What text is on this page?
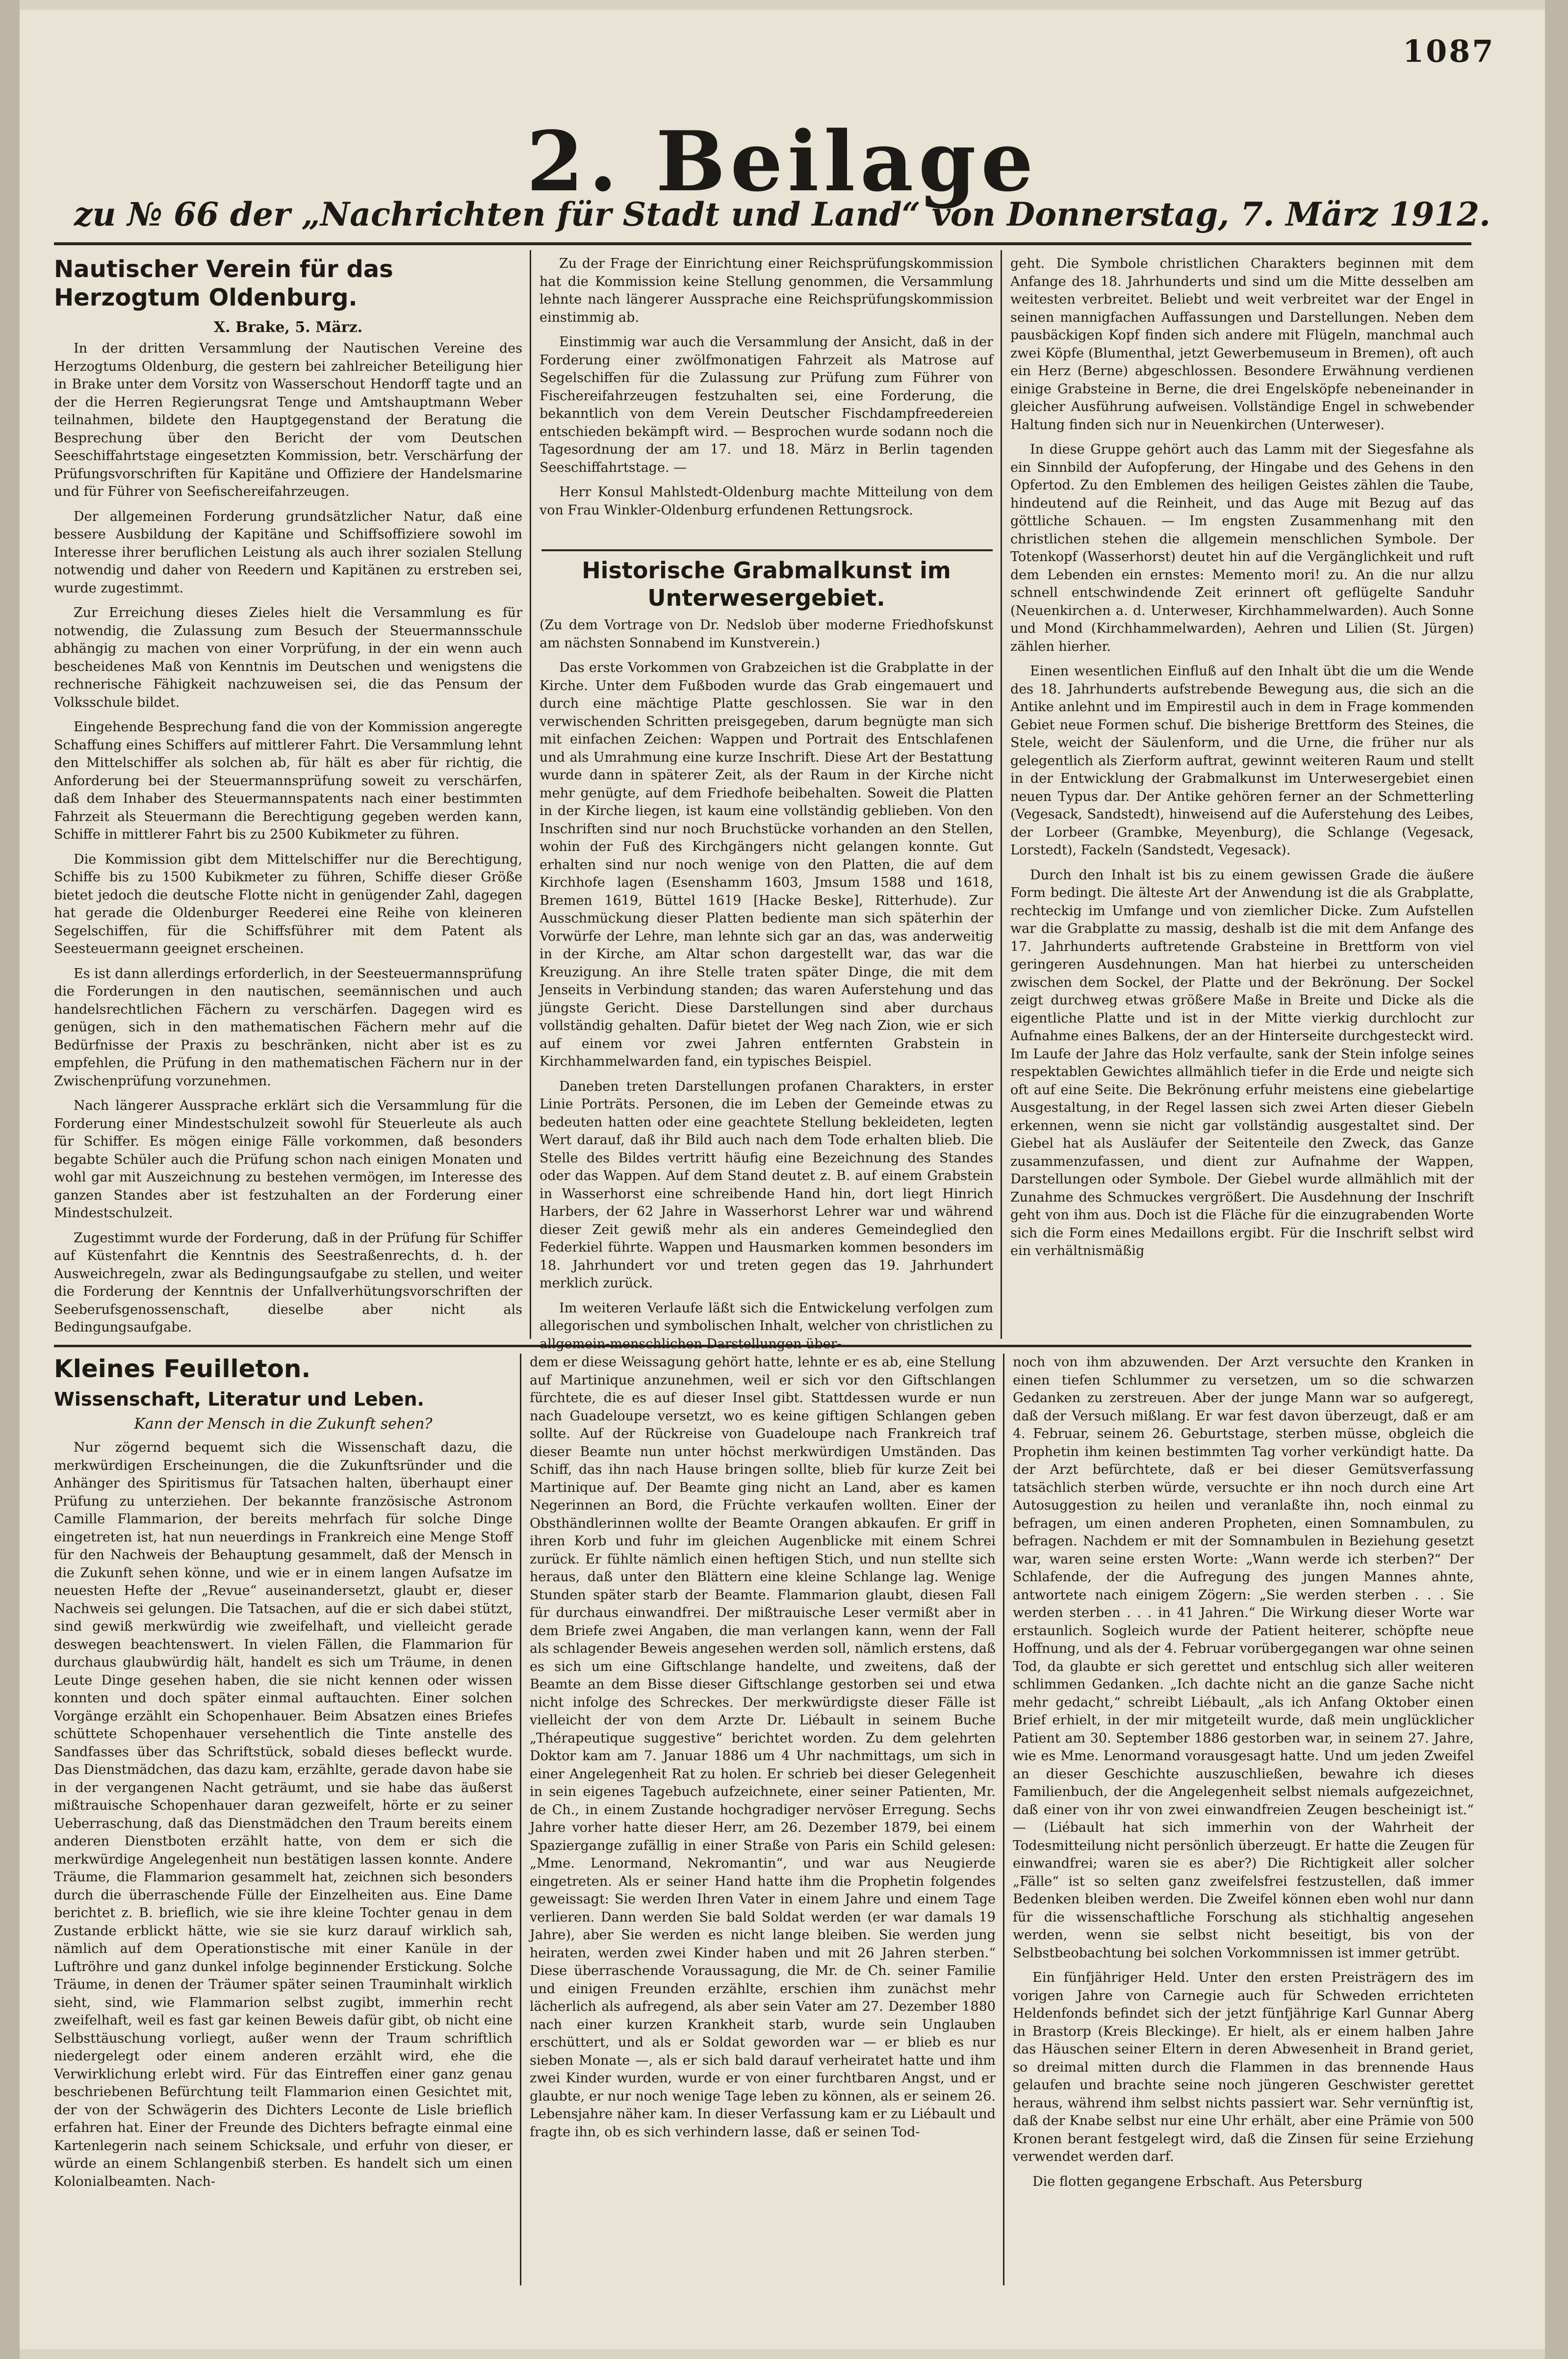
1087
2. Beilage
zu № 66 der „Nachrichten für Stadt und Land“ von Donnerstag, 7. März 1912.
Nautischer Verein für das Herzogtum Oldenburg.
X. Brake, 5. März.

In der dritten Versammlung der Nautischen Vereine des Herzogtums Oldenburg, die gestern bei zahlreicher Beteiligung hier in Brake unter dem Vorsitz von Wasserschout Hendorff tagte und an der die Herren Regierungsrat Tenge und Amtshauptmann Weber teilnahmen, bildete den Hauptgegenstand der Beratung die Besprechung über den Bericht der vom Deutschen Seeschiffahrtstage eingesetzten Kommission, betr. Verschärfung der Prüfungsvorschriften für Kapitäne und Offiziere der Handelsmarine und für Führer von Seefischereifahrzeugen.

Der allgemeinen Forderung grundsätzlicher Natur, daß eine bessere Ausbildung der Kapitäne und Schiffsoffiziere sowohl im Interesse ihrer beruflichen Leistung als auch ihrer sozialen Stellung notwendig und daher von Reedern und Kapitänen zu erstreben sei, wurde zugestimmt.

Zur Erreichung dieses Zieles hielt die Versammlung es für notwendig, die Zulassung zum Besuch der Steuermannsschule abhängig zu machen von einer Vorprüfung, in der ein wenn auch bescheidenes Maß von Kenntnis im Deutschen und wenigstens die rechnerische Fähigkeit nachzuweisen sei, die das Pensum der Volksschule bildet.

Eingehende Besprechung fand die von der Kommission angeregte Schaffung eines Schiffers auf mittlerer Fahrt. Die Versammlung lehnt den Mittelschiffer als solchen ab, für hält es aber für richtig, die Anforderung bei der Steuermannsprüfung soweit zu verschärfen, daß dem Inhaber des Steuermannspatents nach einer bestimmten Fahrzeit als Steuermann die Berechtigung gegeben werden kann, Schiffe in mittlerer Fahrt bis zu 2500 Kubikmeter zu führen.

Die Kommission gibt dem Mittelschiffer nur die Berechtigung, Schiffe bis zu 1500 Kubikmeter zu führen, Schiffe dieser Größe bietet jedoch die deutsche Flotte nicht in genügender Zahl, dagegen hat gerade die Oldenburger Reederei eine Reihe von kleineren Segelschiffen, für die Schiffsführer mit dem Patent als Seesteuermann geeignet erscheinen.

Es ist dann allerdings erforderlich, in der Seesteuermannsprüfung die Forderungen in den nautischen, seemännischen und auch handelsrechtlichen Fächern zu verschärfen. Dagegen wird es genügen, sich in den mathematischen Fächern mehr auf die Bedürfnisse der Praxis zu beschränken, nicht aber ist es zu empfehlen, die Prüfung in den mathematischen Fächern nur in der Zwischenprüfung vorzunehmen.

Nach längerer Aussprache erklärt sich die Versammlung für die Forderung einer Mindestschulzeit sowohl für Steuerleute als auch für Schiffer. Es mögen einige Fälle vorkommen, daß besonders begabte Schüler auch die Prüfung schon nach einigen Monaten und wohl gar mit Auszeichnung zu bestehen vermögen, im Interesse des ganzen Standes aber ist festzuhalten an der Forderung einer Mindestschulzeit.

Zugestimmt wurde der Forderung, daß in der Prüfung für Schiffer auf Küstenfahrt die Kenntnis des Seestraßenrechts, d. h. der Ausweichregeln, zwar als Bedingungsaufgabe zu stellen, und weiter die Forderung der Kenntnis der Unfallverhütungsvorschriften der Seeberufsgenossenschaft, dieselbe aber nicht als Bedingungsaufgabe.

Zu der Frage der Einrichtung einer Reichsprüfungskommission hat die Kommission keine Stellung genommen, die Versammlung lehnte nach längerer Aussprache eine Reichsprüfungskommission einstimmig ab.

Einstimmig war auch die Versammlung der Ansicht, daß in der Forderung einer zwölfmonatigen Fahrzeit als Matrose auf Segelschiffen für die Zulassung zur Prüfung zum Führer von Fischereifahrzeugen festzuhalten sei, eine Forderung, die bekanntlich von dem Verein Deutscher Fischdampfreedereien entschieden bekämpft wird. — Besprochen wurde sodann noch die Tagesordnung der am 17. und 18. März in Berlin tagenden Seeschiffahrtstage. —

Herr Konsul Mahlstedt-Oldenburg machte Mitteilung von dem von Frau Winkler-Oldenburg erfundenen Rettungsrock.

Historische Grabmalkunst im Unterwesergebiet.

(Zu dem Vortrage von Dr. Nedslob über moderne Friedhofskunst am nächsten Sonnabend im Kunstverein.)

Das erste Vorkommen von Grabzeichen ist die Grabplatte in der Kirche. Unter dem Fußboden wurde das Grab eingemauert und durch eine mächtige Platte geschlossen. Sie war in den verwischenden Schritten preisgegeben, darum begnügte man sich mit einfachen Zeichen: Wappen und Portrait des Entschlafenen und als Umrahmung eine kurze Inschrift. Diese Art der Bestattung wurde dann in späterer Zeit, als der Raum in der Kirche nicht mehr genügte, auf dem Friedhofe beibehalten. Soweit die Platten in der Kirche liegen, ist kaum eine vollständig geblieben. Von den Inschriften sind nur noch Bruchstücke vorhanden an den Stellen, wohin der Fuß des Kirchgängers nicht gelangen konnte. Gut erhalten sind nur noch wenige von den Platten, die auf dem Kirchhofe lagen (Esenshamm 1603, Jmsum 1588 und 1618, Bremen 1619, Büttel 1619 [Hacke Beske], Ritterhude). Zur Ausschmückung dieser Platten bediente man sich späterhin der Vorwürfe der Lehre, man lehnte sich gar an das, was anderweitig in der Kirche, am Altar schon dargestellt war, das war die Kreuzigung. An ihre Stelle traten später Dinge, die mit dem Jenseits in Verbindung standen; das waren Auferstehung und das jüngste Gericht. Diese Darstellungen sind aber durchaus vollständig gehalten. Dafür bietet der Weg nach Zion, wie er sich auf einem vor zwei Jahren entfernten Grabstein in Kirchhammelwarden fand, ein typisches Beispiel.

Daneben treten Darstellungen profanen Charakters, in erster Linie Porträts. Personen, die im Leben der Gemeinde etwas zu bedeuten hatten oder eine geachtete Stellung bekleideten, legten Wert darauf, daß ihr Bild auch nach dem Tode erhalten blieb. Die Stelle des Bildes vertritt häufig eine Bezeichnung des Standes oder das Wappen. Auf dem Stand deutet z. B. auf einem Grabstein in Wasserhorst eine schreibende Hand hin, dort liegt Hinrich Harbers, der 62 Jahre in Wasserhorst Lehrer war und während dieser Zeit gewiß mehr als ein anderes Gemeindeglied den Federkiel führte. Wappen und Hausmarken kommen besonders im 18. Jahrhundert vor und treten gegen das 19. Jahrhundert merklich zurück.

Im weiteren Verlaufe läßt sich die Entwickelung verfolgen zum allegorischen und symbolischen Inhalt, welcher von christlichen zu allgemein-menschlichen Darstellungen über-

geht. Die Symbole christlichen Charakters beginnen mit dem Anfange des 18. Jahrhunderts und sind um die Mitte desselben am weitesten verbreitet. Beliebt und weit verbreitet war der Engel in seinen mannigfachen Auffassungen und Darstellungen. Neben dem pausbäckigen Kopf finden sich andere mit Flügeln, manchmal auch zwei Köpfe (Blumenthal, jetzt Gewerbemuseum in Bremen), oft auch ein Herz (Berne) abgeschlossen. Besondere Erwähnung verdienen einige Grabsteine in Berne, die drei Engelsköpfe nebeneinander in gleicher Ausführung aufweisen. Vollständige Engel in schwebender Haltung finden sich nur in Neuenkirchen (Unterweser).

In diese Gruppe gehört auch das Lamm mit der Siegesfahne als ein Sinnbild der Aufopferung, der Hingabe und des Gehens in den Opfertod. Zu den Emblemen des heiligen Geistes zählen die Taube, hindeutend auf die Reinheit, und das Auge mit Bezug auf das göttliche Schauen. — Im engsten Zusammenhang mit den christlichen stehen die allgemein menschlichen Symbole. Der Totenkopf (Wasserhorst) deutet hin auf die Vergänglichkeit und ruft dem Lebenden ein ernstes: Memento mori! zu. An die nur allzu schnell entschwindende Zeit erinnert oft geflügelte Sanduhr (Neuenkirchen a. d. Unterweser, Kirchhammelwarden). Auch Sonne und Mond (Kirchhammelwarden), Aehren und Lilien (St. Jürgen) zählen hierher.

Einen wesentlichen Einfluß auf den Inhalt übt die um die Wende des 18. Jahrhunderts aufstrebende Bewegung aus, die sich an die Antike anlehnt und im Empirestil auch in dem in Frage kommenden Gebiet neue Formen schuf. Die bisherige Brettform des Steines, die Stele, weicht der Säulenform, und die Urne, die früher nur als gelegentlich als Zierform auftrat, gewinnt weiteren Raum und stellt in der Entwicklung der Grabmalkunst im Unterwesergebiet einen neuen Typus dar. Der Antike gehören ferner an der Schmetterling (Vegesack, Sandstedt), hinweisend auf die Auferstehung des Leibes, der Lorbeer (Grambke, Meyenburg), die Schlange (Vegesack, Lorstedt), Fackeln (Sandstedt, Vegesack).

Durch den Inhalt ist bis zu einem gewissen Grade die äußere Form bedingt. Die älteste Art der Anwendung ist die als Grabplatte, rechteckig im Umfange und von ziemlicher Dicke. Zum Aufstellen war die Grabplatte zu massig, deshalb ist die mit dem Anfange des 17. Jahrhunderts auftretende Grabsteine in Brettform von viel geringeren Ausdehnungen. Man hat hierbei zu unterscheiden zwischen dem Sockel, der Platte und der Bekrönung. Der Sockel zeigt durchweg etwas größere Maße in Breite und Dicke als die eigentliche Platte und ist in der Mitte vierkig durchlocht zur Aufnahme eines Balkens, der an der Hinterseite durchgesteckt wird. Im Laufe der Jahre das Holz verfaulte, sank der Stein infolge seines respektablen Gewichtes allmählich tiefer in die Erde und neigte sich oft auf eine Seite. Die Bekrönung erfuhr meistens eine giebelartige Ausgestaltung, in der Regel lassen sich zwei Arten dieser Giebeln erkennen, wenn sie nicht gar vollständig ausgestaltet sind. Der Giebel hat als Ausläufer der Seitenteile den Zweck, das Ganze zusammenzufassen, und dient zur Aufnahme der Wappen, Darstellungen oder Symbole. Der Giebel wurde allmählich mit der Zunahme des Schmuckes vergrößert. Die Ausdehnung der Inschrift geht von ihm aus. Doch ist die Fläche für die einzugrabenden Worte sich die Form eines Medaillons ergibt. Für die Inschrift selbst wird ein verhältnismäßig

Kleines Feuilleton.
Wissenschaft, Literatur und Leben.
Kann der Mensch in die Zukunft sehen?

Nur zögernd bequemt sich die Wissenschaft dazu, die merkwürdigen Erscheinungen, die die Zukunftsründer und die Anhänger des Spiritismus für Tatsachen halten, überhaupt einer Prüfung zu unterziehen. Der bekannte französische Astronom Camille Flammarion, der bereits mehrfach für solche Dinge eingetreten ist, hat nun neuerdings in Frankreich eine Menge Stoff für den Nachweis der Behauptung gesammelt, daß der Mensch in die Zukunft sehen könne, und wie er in einem langen Aufsatze im neuesten Hefte der „Revue“ auseinandersetzt, glaubt er, dieser Nachweis sei gelungen. Die Tatsachen, auf die er sich dabei stützt, sind gewiß merkwürdig wie zweifelhaft, und vielleicht gerade deswegen beachtenswert. In vielen Fällen, die Flammarion für durchaus glaubwürdig hält, handelt es sich um Träume, in denen Leute Dinge gesehen haben, die sie nicht kennen oder wissen konnten und doch später einmal auftauchten. Einer solchen Vorgänge erzählt ein Schopenhauer. Beim Absatzen eines Briefes schüttete Schopenhauer versehentlich die Tinte anstelle des Sandfasses über das Schriftstück, sobald dieses befleckt wurde. Das Dienstmädchen, das dazu kam, erzählte, gerade davon habe sie in der vergangenen Nacht geträumt, und sie habe das äußerst mißtrauische Schopenhauer daran gezweifelt, hörte er zu seiner Ueberraschung, daß das Dienstmädchen den Traum bereits einem anderen Dienstboten erzählt hatte, von dem er sich die merkwürdige Angelegenheit nun bestätigen lassen konnte. Andere Träume, die Flammarion gesammelt hat, zeichnen sich besonders durch die überraschende Fülle der Einzelheiten aus. Eine Dame berichtet z. B. brieflich, wie sie ihre kleine Tochter genau in dem Zustande erblickt hätte, wie sie sie kurz darauf wirklich sah, nämlich auf dem Operationstische mit einer Kanüle in der Luftröhre und ganz dunkel infolge beginnender Erstickung. Solche Träume, in denen der Träumer später seinen Trauminhalt wirklich sieht, sind, wie Flammarion selbst zugibt, immerhin recht zweifelhaft, weil es fast gar keinen Beweis dafür gibt, ob nicht eine Selbsttäuschung vorliegt, außer wenn der Traum schriftlich niedergelegt oder einem anderen erzählt wird, ehe die Verwirklichung erlebt wird. Für das Eintreffen einer ganz genau beschriebenen Befürchtung teilt Flammarion einen Gesichtet mit, der von der Schwägerin des Dichters Leconte de Lisle brieflich erfahren hat. Einer der Freunde des Dichters befragte einmal eine Kartenlegerin nach seinem Schicksale, und erfuhr von dieser, er würde an einem Schlangenbiß sterben. Es handelt sich um einen Kolonialbeamten. Nach-

dem er diese Weissagung gehört hatte, lehnte er es ab, eine Stellung auf Martinique anzunehmen, weil er sich vor den Giftschlangen fürchtete, die es auf dieser Insel gibt. Stattdessen wurde er nun nach Guadeloupe versetzt, wo es keine giftigen Schlangen geben sollte. Auf der Rückreise von Guadeloupe nach Frankreich traf dieser Beamte nun unter höchst merkwürdigen Umständen. Das Schiff, das ihn nach Hause bringen sollte, blieb für kurze Zeit bei Martinique auf. Der Beamte ging nicht an Land, aber es kamen Negerinnen an Bord, die Früchte verkaufen wollten. Einer der Obsthändlerinnen wollte der Beamte Orangen abkaufen. Er griff in ihren Korb und fuhr im gleichen Augenblicke mit einem Schrei zurück. Er fühlte nämlich einen heftigen Stich, und nun stellte sich heraus, daß unter den Blättern eine kleine Schlange lag. Wenige Stunden später starb der Beamte. Flammarion glaubt, diesen Fall für durchaus einwandfrei. Der mißtrauische Leser vermißt aber in dem Briefe zwei Angaben, die man verlangen kann, wenn der Fall als schlagender Beweis angesehen werden soll, nämlich erstens, daß es sich um eine Giftschlange handelte, und zweitens, daß der Beamte an dem Bisse dieser Giftschlange gestorben sei und etwa nicht infolge des Schreckes. Der merkwürdigste dieser Fälle ist vielleicht der von dem Arzte Dr. Liébault in seinem Buche „Thérapeutique suggestive“ berichtet worden. Zu dem gelehrten Doktor kam am 7. Januar 1886 um 4 Uhr nachmittags, um sich in einer Angelegenheit Rat zu holen. Er schrieb bei dieser Gelegenheit in sein eigenes Tagebuch aufzeichnete, einer seiner Patienten, Mr. de Ch., in einem Zustande hochgradiger nervöser Erregung. Sechs Jahre vorher hatte dieser Herr, am 26. Dezember 1879, bei einem Spaziergange zufällig in einer Straße von Paris ein Schild gelesen: „Mme. Lenormand, Nekromantin“, und war aus Neugierde eingetreten. Als er seiner Hand hatte ihm die Prophetin folgendes geweissagt: Sie werden Ihren Vater in einem Jahre und einem Tage verlieren. Dann werden Sie bald Soldat werden (er war damals 19 Jahre), aber Sie werden es nicht lange bleiben. Sie werden jung heiraten, werden zwei Kinder haben und mit 26 Jahren sterben.“ Diese überraschende Voraussagung, die Mr. de Ch. seiner Familie und einigen Freunden erzählte, erschien ihm zunächst mehr lächerlich als aufregend, als aber sein Vater am 27. Dezember 1880 nach einer kurzen Krankheit starb, wurde sein Unglauben erschüttert, und als er Soldat geworden war — er blieb es nur sieben Monate —, als er sich bald darauf verheiratet hatte und ihm zwei Kinder wurden, wurde er von einer furchtbaren Angst, und er glaubte, er nur noch wenige Tage leben zu können, als er seinem 26. Lebensjahre näher kam. In dieser Verfassung kam er zu Liébault und fragte ihn, ob es sich verhindern lasse, daß er seinen Tod-

noch von ihm abzuwenden. Der Arzt versuchte den Kranken in einen tiefen Schlummer zu versetzen, um so die schwarzen Gedanken zu zerstreuen. Aber der junge Mann war so aufgeregt, daß der Versuch mißlang. Er war fest davon überzeugt, daß er am 4. Februar, seinem 26. Geburtstage, sterben müsse, obgleich die Prophetin ihm keinen bestimmten Tag vorher verkündigt hatte. Da der Arzt befürchtete, daß er bei dieser Gemütsverfassung tatsächlich sterben würde, versuchte er ihn noch durch eine Art Autosuggestion zu heilen und veranlaßte ihn, noch einmal zu befragen, um einen anderen Propheten, einen Somnambulen, zu befragen. Nachdem er mit der Somnambulen in Beziehung gesetzt war, waren seine ersten Worte: „Wann werde ich sterben?“ Der Schlafende, der die Aufregung des jungen Mannes ahnte, antwortete nach einigem Zögern: „Sie werden sterben . . . Sie werden sterben . . . in 41 Jahren.“ Die Wirkung dieser Worte war erstaunlich. Sogleich wurde der Patient heiterer, schöpfte neue Hoffnung, und als der 4. Februar vorübergegangen war ohne seinen Tod, da glaubte er sich gerettet und entschlug sich aller weiteren schlimmen Gedanken. „Ich dachte nicht an die ganze Sache nicht mehr gedacht,“ schreibt Liébault, „als ich Anfang Oktober einen Brief erhielt, in der mir mitgeteilt wurde, daß mein unglücklicher Patient am 30. September 1886 gestorben war, in seinem 27. Jahre, wie es Mme. Lenormand vorausgesagt hatte. Und um jeden Zweifel an dieser Geschichte auszuschließen, bewahre ich dieses Familienbuch, der die Angelegenheit selbst niemals aufgezeichnet, daß einer von ihr von zwei einwandfreien Zeugen bescheinigt ist.“ — (Liébault hat sich immerhin von der Wahrheit der Todesmitteilung nicht persönlich überzeugt. Er hatte die Zeugen für einwandfrei; waren sie es aber?) Die Richtigkeit aller solcher „Fälle“ ist so selten ganz zweifelsfrei festzustellen, daß immer Bedenken bleiben werden. Die Zweifel können eben wohl nur dann für die wissenschaftliche Forschung als stichhaltig angesehen werden, wenn sie selbst nicht beseitigt, bis von der Selbstbeobachtung bei solchen Vorkommnissen ist immer getrübt.

Ein fünfjähriger Held. Unter den ersten Preisträgern des im vorigen Jahre von Carnegie auch für Schweden errichteten Heldenfonds befindet sich der jetzt fünfjährige Karl Gunnar Aberg in Brastorp (Kreis Bleckinge). Er hielt, als er einem halben Jahre das Häuschen seiner Eltern in deren Abwesenheit in Brand geriet, so dreimal mitten durch die Flammen in das brennende Haus gelaufen und brachte seine noch jüngeren Geschwister gerettet heraus, während ihm selbst nichts passiert war. Sehr vernünftig ist, daß der Knabe selbst nur eine Uhr erhält, aber eine Prämie von 500 Kronen berant festgelegt wird, daß die Zinsen für seine Erziehung verwendet werden darf.

Die flotten gegangene Erbschaft. Aus Petersburg
